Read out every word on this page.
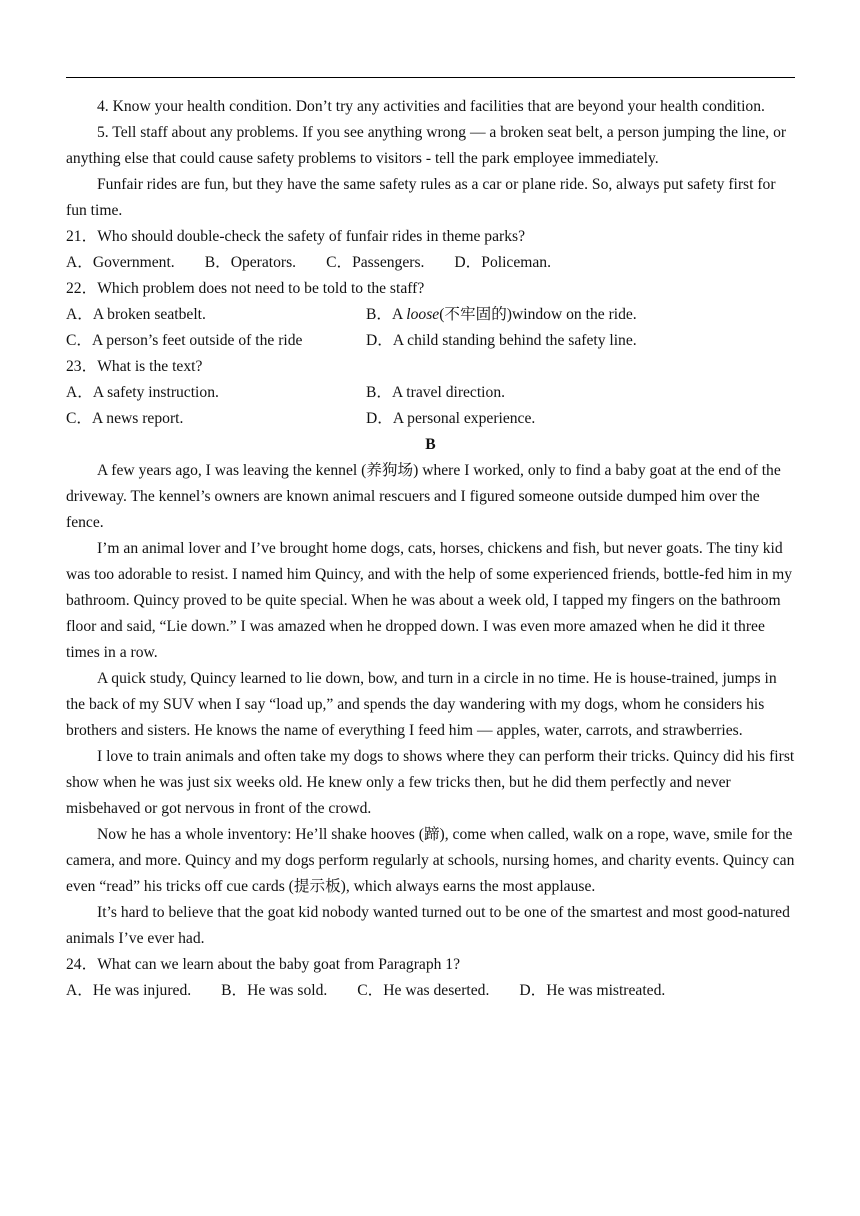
4. Know your health condition. Don’t try any activities and facilities that are beyond your health condition.

5. Tell staff about any problems. If you see anything wrong — a broken seat belt, a person jumping the line, or anything else that could cause safety problems to visitors - tell the park employee immediately.

Funfair rides are fun, but they have the same safety rules as a car or plane ride. So, always put safety first for fun time.

21．Who should double-check the safety of funfair rides in theme parks?

A．Government. B．Operators. C．Passengers. D．Policeman.

22．Which problem does not need to be told to the staff?

A．A broken seatbelt.	B．A loose(不牢固的)window on the ride.
C．A person’s feet outside of the ride	D．A child standing behind the safety line.

23．What is the text?

A．A safety instruction.	B．A travel direction.
C．A news report.	D．A personal experience.

B

A few years ago, I was leaving the kennel (养狗场) where I worked, only to find a baby goat at the end of the driveway. The kennel’s owners are known animal rescuers and I figured someone outside dumped him over the fence.

I’m an animal lover and I’ve brought home dogs, cats, horses, chickens and fish, but never goats. The tiny kid was too adorable to resist. I named him Quincy, and with the help of some experienced friends, bottle-fed him in my bathroom. Quincy proved to be quite special. When he was about a week old, I tapped my fingers on the bathroom floor and said, “Lie down.” I was amazed when he dropped down. I was even more amazed when he did it three times in a row.

A quick study, Quincy learned to lie down, bow, and turn in a circle in no time. He is house-trained, jumps in the back of my SUV when I say “load up,” and spends the day wandering with my dogs, whom he considers his brothers and sisters. He knows the name of everything I feed him — apples, water, carrots, and strawberries.

I love to train animals and often take my dogs to shows where they can perform their tricks. Quincy did his first show when he was just six weeks old. He knew only a few tricks then, but he did them perfectly and never misbehaved or got nervous in front of the crowd.

Now he has a whole inventory: He’ll shake hooves (蹄), come when called, walk on a rope, wave, smile for the camera, and more. Quincy and my dogs perform regularly at schools, nursing homes, and charity events. Quincy can even “read” his tricks off cue cards (提示板), which always earns the most applause.

It’s hard to believe that the goat kid nobody wanted turned out to be one of the smartest and most good-natured animals I’ve ever had.

24．What can we learn about the baby goat from Paragraph 1?

A．He was injured. B．He was sold. C．He was deserted. D．He was mistreated.
